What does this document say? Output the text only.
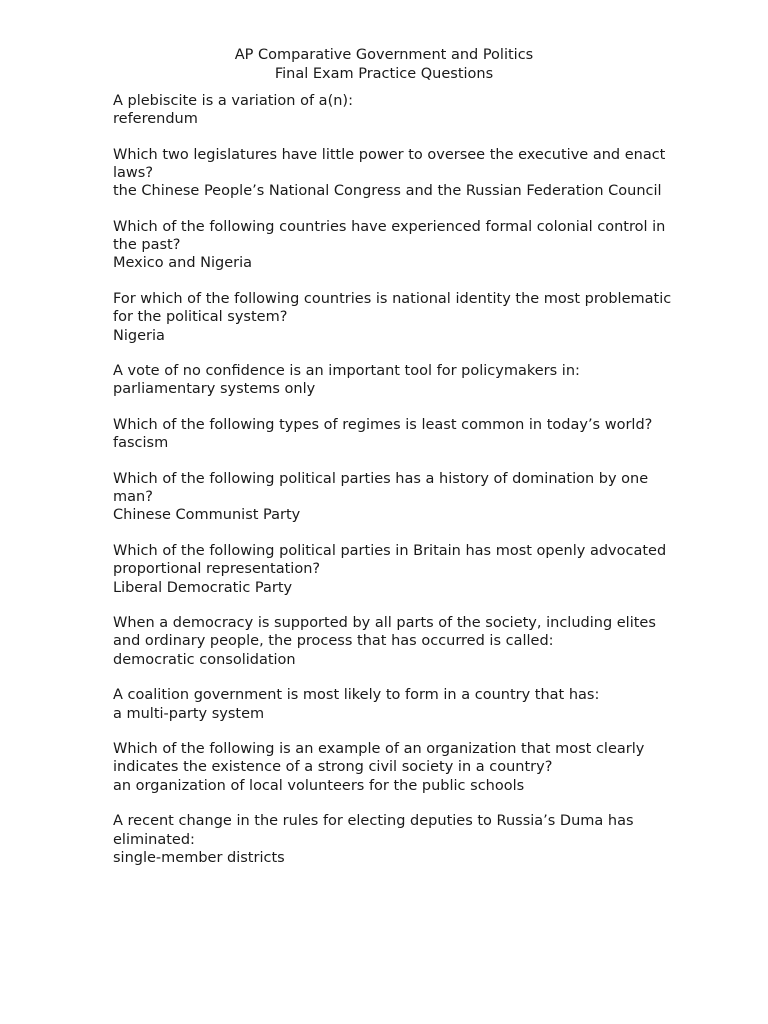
AP Comparative Government and Politics
Final Exam Practice Questions
A plebiscite is a variation of a(n):
referendum
Which two legislatures have little power to oversee the executive and enact laws?
the Chinese People’s National Congress and the Russian Federation Council
Which of the following countries have experienced formal colonial control in the past?
Mexico and Nigeria
For which of the following countries is national identity the most problematic for the political system?
Nigeria
A vote of no confidence is an important tool for policymakers in:
parliamentary systems only
Which of the following types of regimes is least common in today’s world?
fascism
Which of the following political parties has a history of domination by one man?
Chinese Communist Party
Which of the following political parties in Britain has most openly advocated proportional representation?
Liberal Democratic Party
When a democracy is supported by all parts of the society, including elites and ordinary people, the process that has occurred is called:
democratic consolidation
A coalition government is most likely to form in a country that has:
a multi-party system
Which of the following is an example of an organization that most clearly indicates the existence of a strong civil society in a country?
an organization of local volunteers for the public schools
A recent change in the rules for electing deputies to Russia’s Duma has eliminated:
single-member districts
